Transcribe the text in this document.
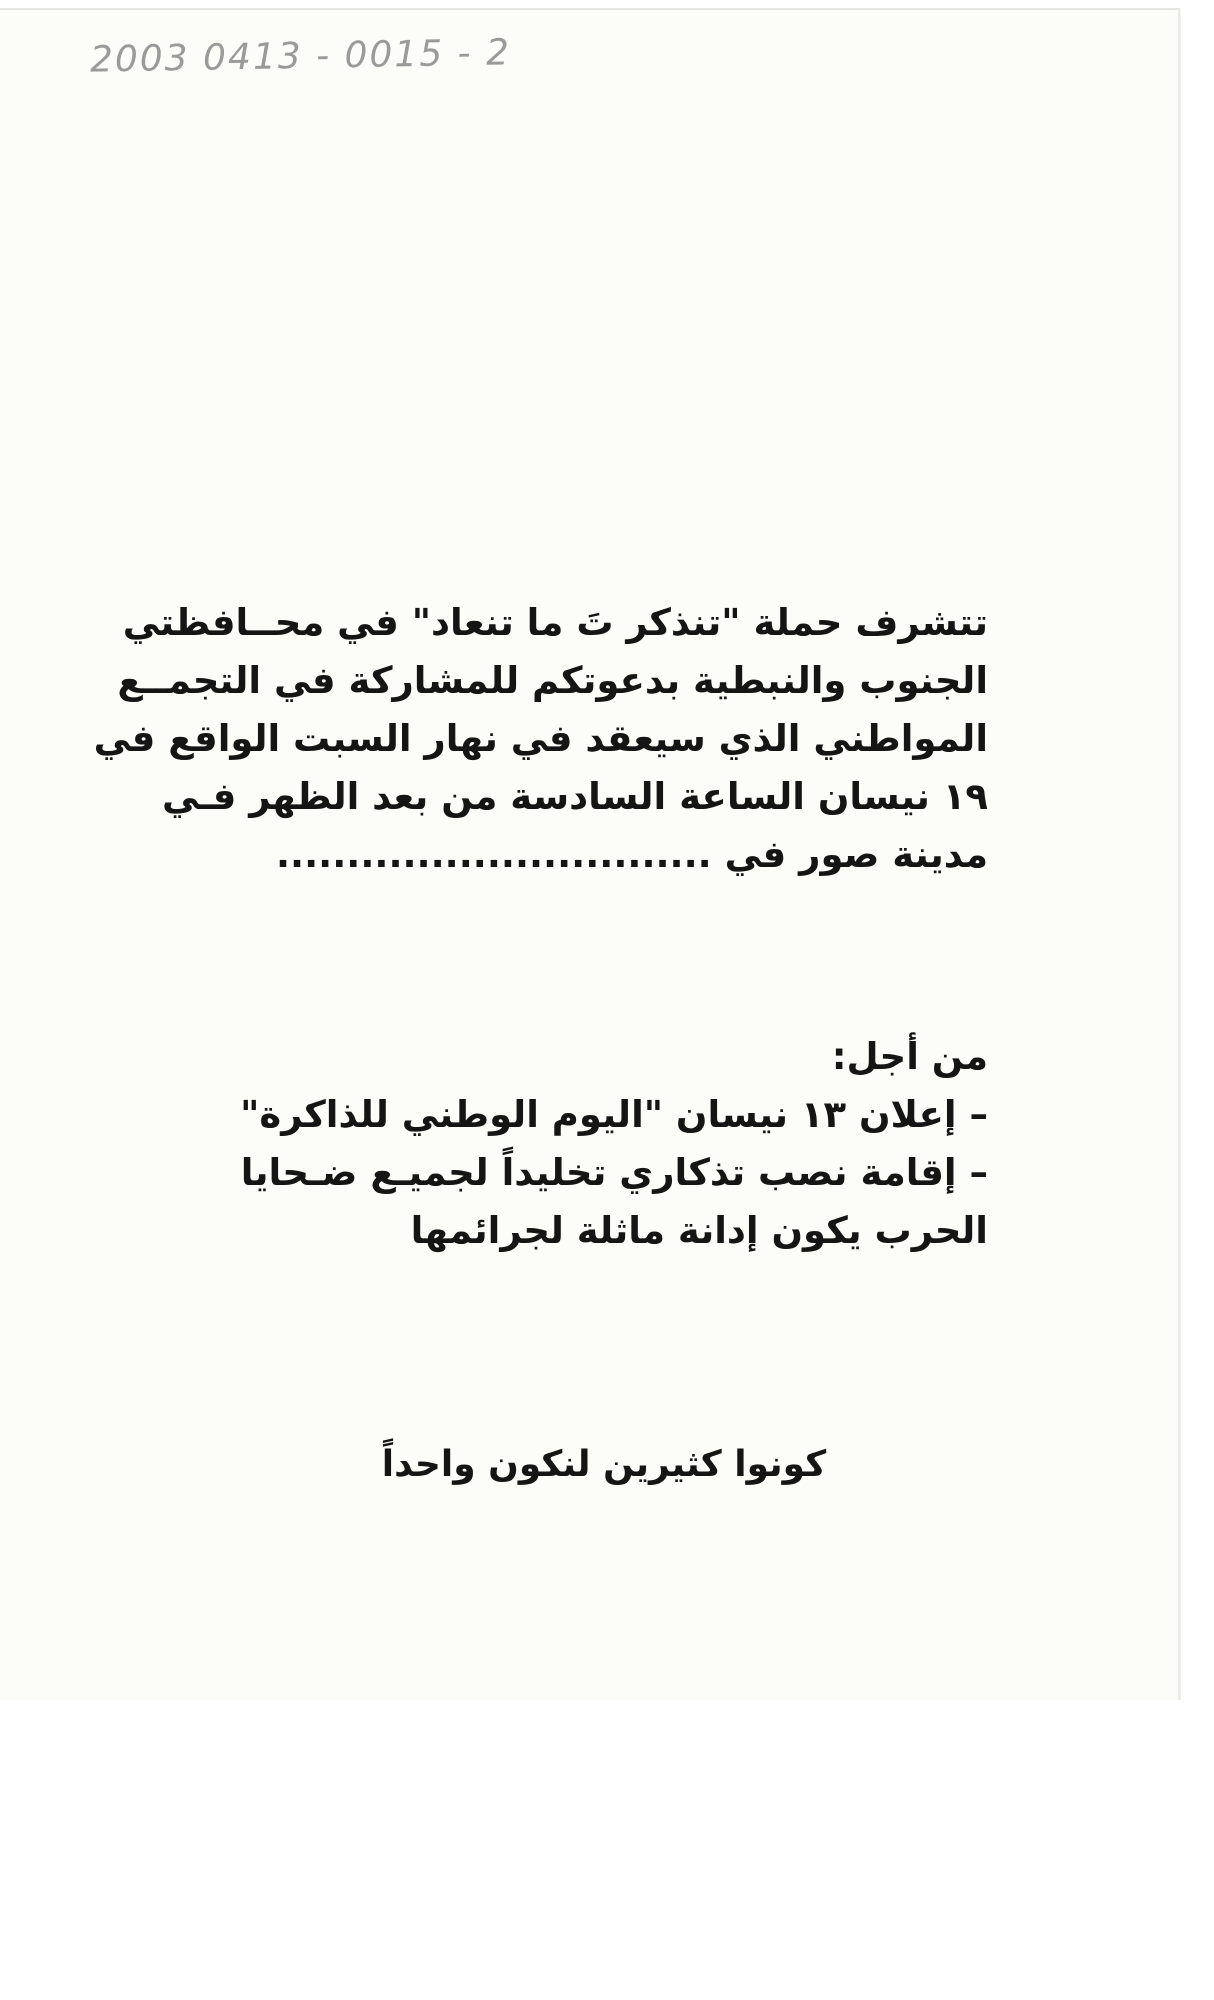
2003 0413 - 0015 - 2
تتشرف حملة "تنذكر تَ ما تنعاد" في محــافظتي
الجنوب والنبطية بدعوتكم للمشاركة في التجمــع
المواطني الذي سيعقد في نهار السبت الواقع في
١٩ نيسان الساعة السادسة من بعد الظهر فـي
مدينة صور في ...............................
من أجل:
– إعلان ١٣ نيسان "اليوم الوطني للذاكرة"
– إقامة نصب تذكاري تخليداً لجميـع ضـحايا
الحرب يكون إدانة ماثلة لجرائمها
كونوا كثيرين لنكون واحداً
